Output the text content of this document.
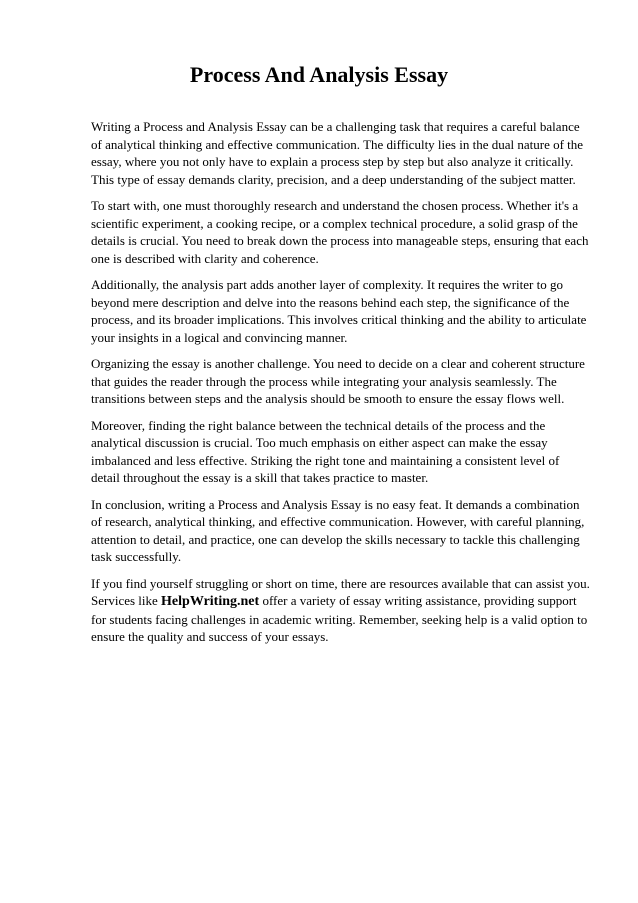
Process And Analysis Essay

Writing a Process and Analysis Essay can be a challenging task that requires a careful balance of analytical thinking and effective communication. The difficulty lies in the dual nature of the essay, where you not only have to explain a process step by step but also analyze it critically. This type of essay demands clarity, precision, and a deep understanding of the subject matter.

To start with, one must thoroughly research and understand the chosen process. Whether it's a scientific experiment, a cooking recipe, or a complex technical procedure, a solid grasp of the details is crucial. You need to break down the process into manageable steps, ensuring that each one is described with clarity and coherence.

Additionally, the analysis part adds another layer of complexity. It requires the writer to go beyond mere description and delve into the reasons behind each step, the significance of the process, and its broader implications. This involves critical thinking and the ability to articulate your insights in a logical and convincing manner.

Organizing the essay is another challenge. You need to decide on a clear and coherent structure that guides the reader through the process while integrating your analysis seamlessly. The transitions between steps and the analysis should be smooth to ensure the essay flows well.

Moreover, finding the right balance between the technical details of the process and the analytical discussion is crucial. Too much emphasis on either aspect can make the essay imbalanced and less effective. Striking the right tone and maintaining a consistent level of detail throughout the essay is a skill that takes practice to master.

In conclusion, writing a Process and Analysis Essay is no easy feat. It demands a combination of research, analytical thinking, and effective communication. However, with careful planning, attention to detail, and practice, one can develop the skills necessary to tackle this challenging task successfully.

If you find yourself struggling or short on time, there are resources available that can assist you. Services like HelpWriting.net offer a variety of essay writing assistance, providing support for students facing challenges in academic writing. Remember, seeking help is a valid option to ensure the quality and success of your essays.
